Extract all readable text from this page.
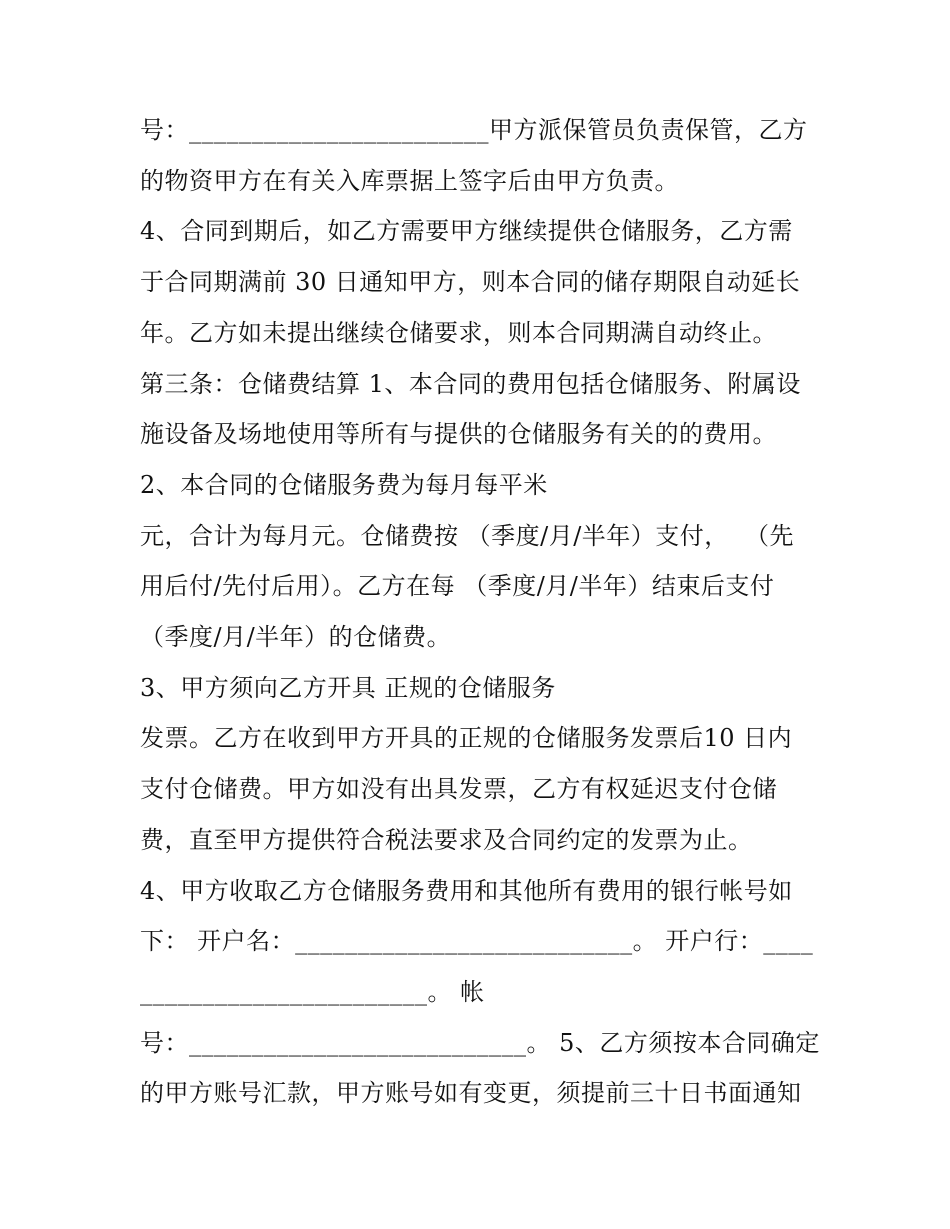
号：________________________甲方派保管员负责保管，乙方
的物资甲方在有关入库票据上签字后由甲方负责。
4、合同到期后，如乙方需要甲方继续提供仓储服务，乙方需
于合同期满前 30 日通知甲方，则本合同的储存期限自动延长
年。乙方如未提出继续仓储要求，则本合同期满自动终止。
第三条：仓储费结算 1、本合同的费用包括仓储服务、附属设
施设备及场地使用等所有与提供的仓储服务有关的的费用。
2、本合同的仓储服务费为每月每平米
元，合计为每月元。仓储费按 （季度/月/半年）支付，  （先
用后付/先付后用）。乙方在每 （季度/月/半年）结束后支付
（季度/月/半年）的仓储费。
3、甲方须向乙方开具 正规的仓储服务
发票。乙方在收到甲方开具的正规的仓储服务发票后10 日内
支付仓储费。甲方如没有出具发票，乙方有权延迟支付仓储
费，直至甲方提供符合税法要求及合同约定的发票为止。
4、甲方收取乙方仓储服务费用和其他所有费用的银行帐号如
下： 开户名：___________________________。 开户行：____
_______________________。 帐
号：___________________________。 5、乙方须按本合同确定
的甲方账号汇款，甲方账号如有变更，须提前三十日书面通知
